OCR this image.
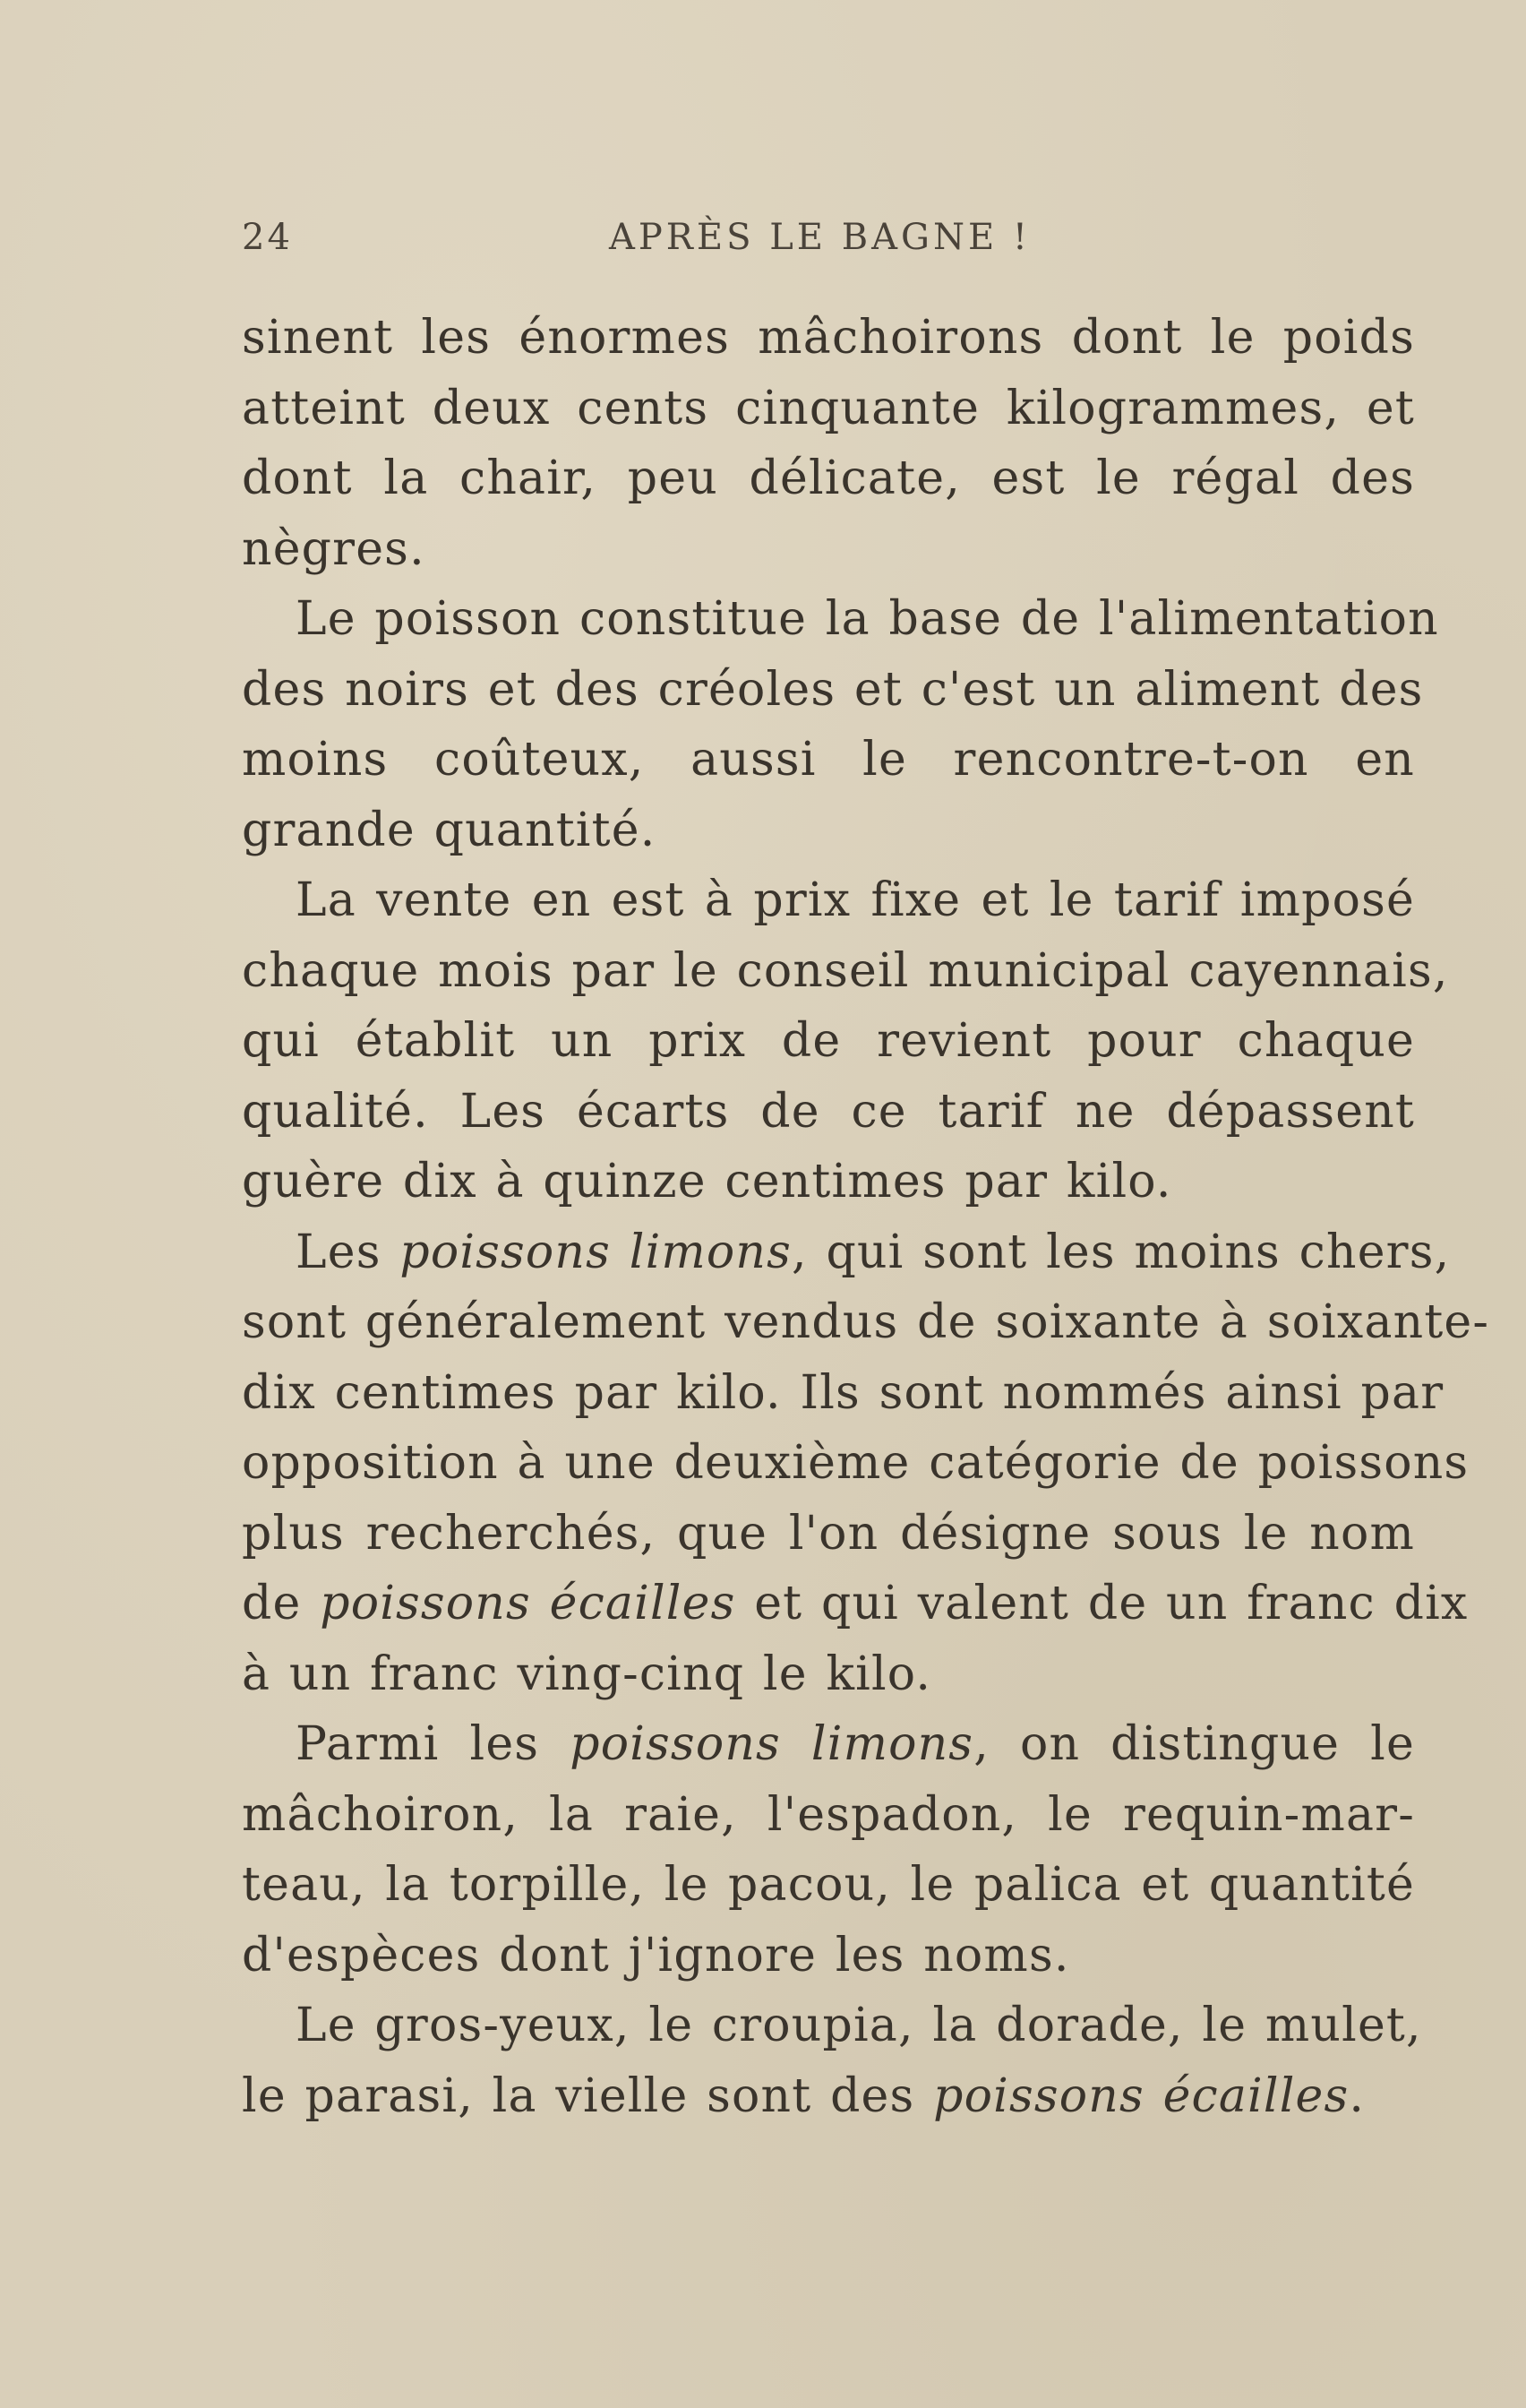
24	APRÈS LE BAGNE !
sinent les énormes mâchoirons dont le poids
atteint deux cents cinquante kilogrammes, et
dont la chair, peu délicate, est le régal des
nègres.
Le poisson constitue la base de l'alimentation
des noirs et des créoles et c'est un aliment des
moins coûteux, aussi le rencontre-t-on en
grande quantité.
La vente en est à prix fixe et le tarif imposé
chaque mois par le conseil municipal cayennais,
qui établit un prix de revient pour chaque
qualité. Les écarts de ce tarif ne dépassent
guère dix à quinze centimes par kilo.
Les poissons limons, qui sont les moins chers,
sont généralement vendus de soixante à soixante-
dix centimes par kilo. Ils sont nommés ainsi par
opposition à une deuxième catégorie de poissons
plus recherchés, que l'on désigne sous le nom
de poissons écailles et qui valent de un franc dix
à un franc ving-cinq le kilo.
Parmi les poissons limons, on distingue le
mâchoiron, la raie, l'espadon, le requin-mar-
teau, la torpille, le pacou, le palica et quantité
d'espèces dont j'ignore les noms.
Le gros-yeux, le croupia, la dorade, le mulet,
le parasi, la vielle sont des poissons écailles.
